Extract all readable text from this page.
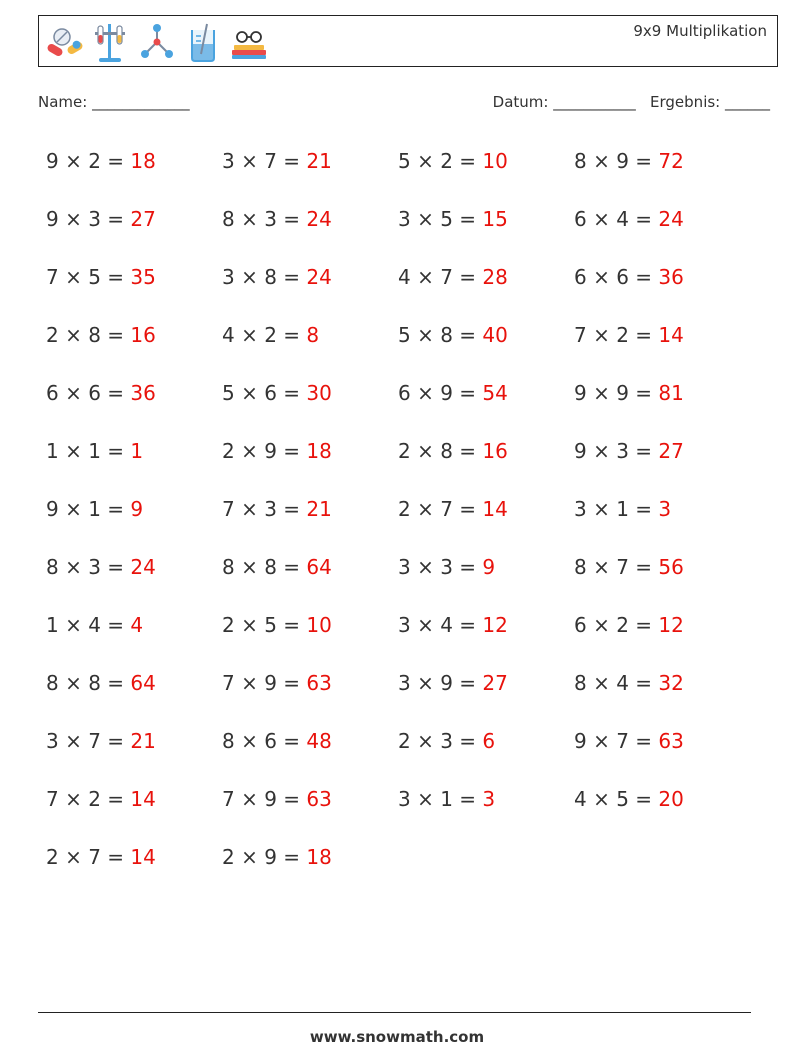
9x9 Multiplikation
Name: _____________	Datum: ___________ Ergebnis: ______
9 × 2 = 18	3 × 7 = 21	5 × 2 = 10	8 × 9 = 72
9 × 3 = 27	8 × 3 = 24	3 × 5 = 15	6 × 4 = 24
7 × 5 = 35	3 × 8 = 24	4 × 7 = 28	6 × 6 = 36
2 × 8 = 16	4 × 2 = 8	5 × 8 = 40	7 × 2 = 14
6 × 6 = 36	5 × 6 = 30	6 × 9 = 54	9 × 9 = 81
1 × 1 = 1	2 × 9 = 18	2 × 8 = 16	9 × 3 = 27
9 × 1 = 9	7 × 3 = 21	2 × 7 = 14	3 × 1 = 3
8 × 3 = 24	8 × 8 = 64	3 × 3 = 9	8 × 7 = 56
1 × 4 = 4	2 × 5 = 10	3 × 4 = 12	6 × 2 = 12
8 × 8 = 64	7 × 9 = 63	3 × 9 = 27	8 × 4 = 32
3 × 7 = 21	8 × 6 = 48	2 × 3 = 6	9 × 7 = 63
7 × 2 = 14	7 × 9 = 63	3 × 1 = 3	4 × 5 = 20
2 × 7 = 14	2 × 9 = 18
www.snowmath.com
